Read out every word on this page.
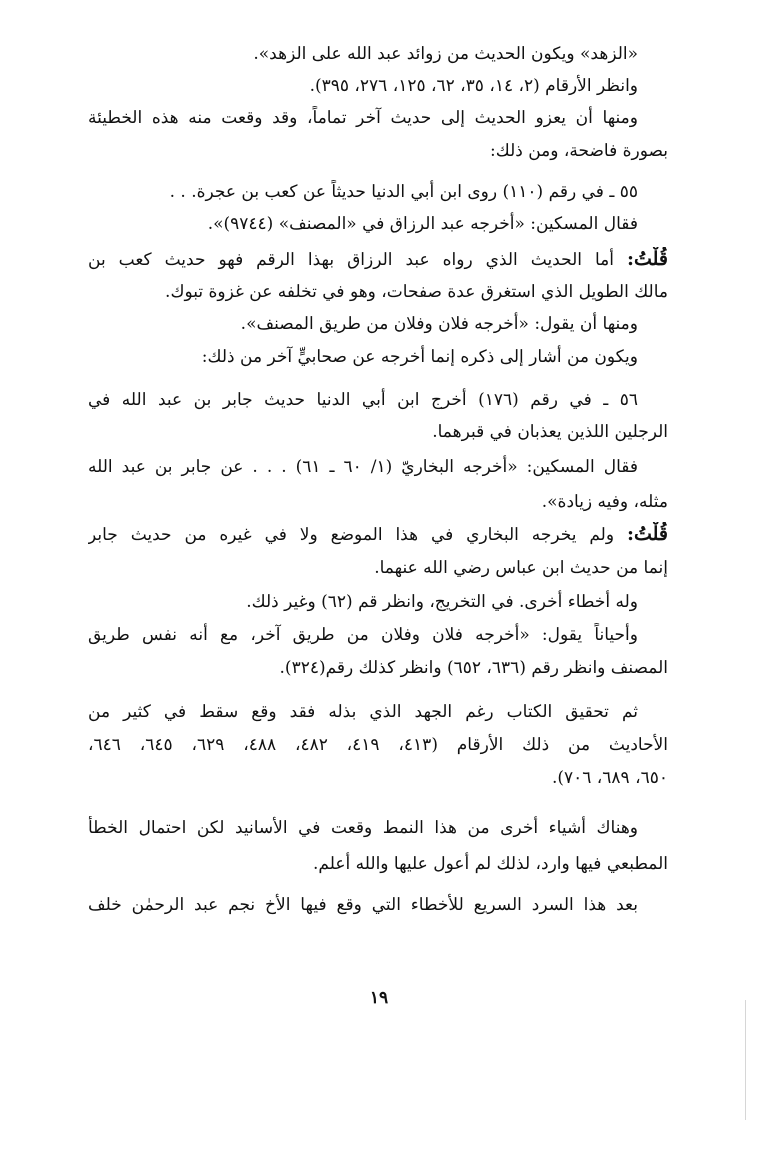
«الزهد» ويكون الحديث من زوائد عبد الله على الزهد».
وانظر الأرقام (٢، ١٤، ٣٥، ٦٢، ١٢٥، ٢٧٦، ٣٩٥).
ومنها أن يعزو الحديث إلى حديث آخر تماماً، وقد وقعت منه هذه الخطيئة
بصورة فاضحة، ومن ذلك:
٥٥ ـ في رقم (١١٠) روى ابن أبي الدنيا حديثاً عن كعب بن عجرة. . .
فقال المسكين: «أخرجه عبد الرزاق في «المصنف» (٩٧٤٤)».
قُلْتُ: أما الحديث الذي رواه عبد الرزاق بهذا الرقم فهو حديث كعب بن
مالك الطويل الذي استغرق عدة صفحات، وهو في تخلفه عن غزوة تبوك.
ومنها أن يقول: «أخرجه فلان وفلان من طريق المصنف».
ويكون من أشار إلى ذكره إنما أخرجه عن صحابيٍّ آخر من ذلك:
٥٦ ـ في رقم (١٧٦) أخرج ابن أبي الدنيا حديث جابر بن عبد الله في
الرجلين اللذين يعذبان في قبرهما.
فقال المسكين: «أخرجه البخاريّ (١/ ٦٠ ـ ٦١) . . . عن جابر بن عبد الله
مثله، وفيه زيادة».
قُلْتُ: ولم يخرجه البخاري في هذا الموضع ولا في غيره من حديث جابر
إنما من حديث ابن عباس رضي الله عنهما.
وله أخطاء أخرى. في التخريج، وانظر قم (٦٢) وغير ذلك.
وأحياناً يقول: «أخرجه فلان وفلان من طريق آخر، مع أنه نفس طريق
المصنف وانظر رقم (٦٣٦، ٦٥٢) وانظر كذلك رقم(٣٢٤).
ثم تحقيق الكتاب رغم الجهد الذي بذله فقد وقع سقط في كثير من
الأحاديث من ذلك الأرقام (٤١٣، ٤١٩، ٤٨٢، ٤٨٨، ٦٢٩، ٦٤٥، ٦٤٦،
٦٥٠، ٦٨٩، ٧٠٦).
وهناك أشياء أخرى من هذا النمط وقعت في الأسانيد لكن احتمال الخطأ
المطبعي فيها وارد، لذلك لم أعول عليها والله أعلم.
بعد هذا السرد السريع للأخطاء التي وقع فيها الأخ نجم عبد الرحمٰن خلف
١٩
